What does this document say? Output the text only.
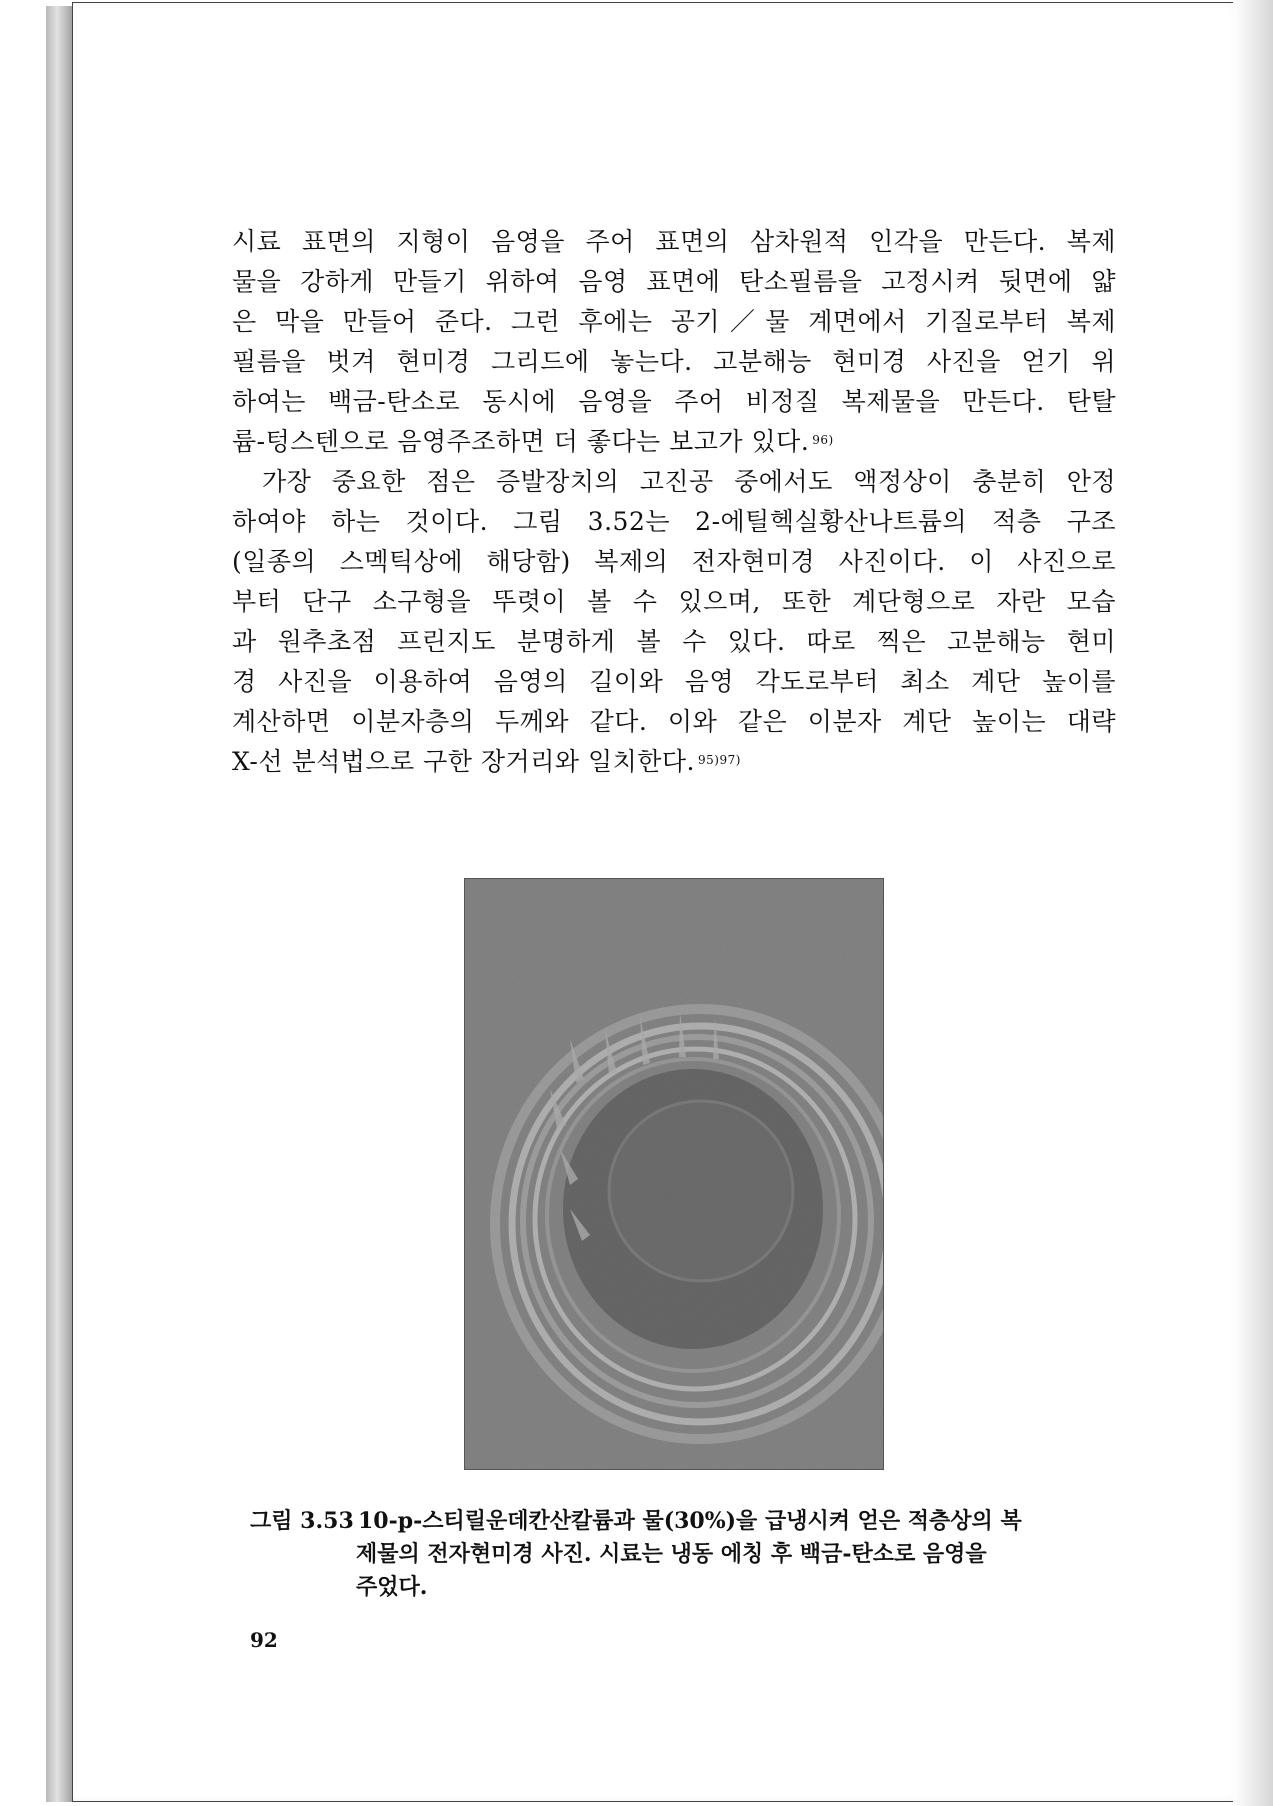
시료 표면의 지형이 음영을 주어 표면의 삼차원적 인각을 만든다. 복제
물을 강하게 만들기 위하여 음영 표면에 탄소필름을 고정시켜 뒷면에 얇
은 막을 만들어 준다. 그런 후에는 공기／물 계면에서 기질로부터 복제
필름을 벗겨 현미경 그리드에 놓는다. 고분해능 현미경 사진을 얻기 위
하여는 백금-탄소로 동시에 음영을 주어 비정질 복제물을 만든다. 탄탈
륨-텅스텐으로 음영주조하면 더 좋다는 보고가 있다. $^{96)}$
가장 중요한 점은 증발장치의 고진공 중에서도 액정상이 충분히 안정
하여야 하는 것이다. 그림 3.52는 2-에틸헥실황산나트륨의 적층 구조
(일종의 스멕틱상에 해당함) 복제의 전자현미경 사진이다. 이 사진으로
부터 단구 소구형을 뚜렷이 볼 수 있으며, 또한 계단형으로 자란 모습
과 원추초점 프린지도 분명하게 볼 수 있다. 따로 찍은 고분해능 현미
경 사진을 이용하여 음영의 길이와 음영 각도로부터 최소 계단 높이를
계산하면 이분자층의 두께와 같다. 이와 같은 이분자 계단 높이는 대략
X-선 분석법으로 구한 장거리와 일치한다. $^{95)97)}$
그림 3.53 10-p-스티릴운데칸산칼륨과 물(30%)을 급냉시켜 얻은 적층상의 복
제물의 전자현미경 사진. 시료는 냉동 에칭 후 백금-탄소로 음영을
주었다.
92
